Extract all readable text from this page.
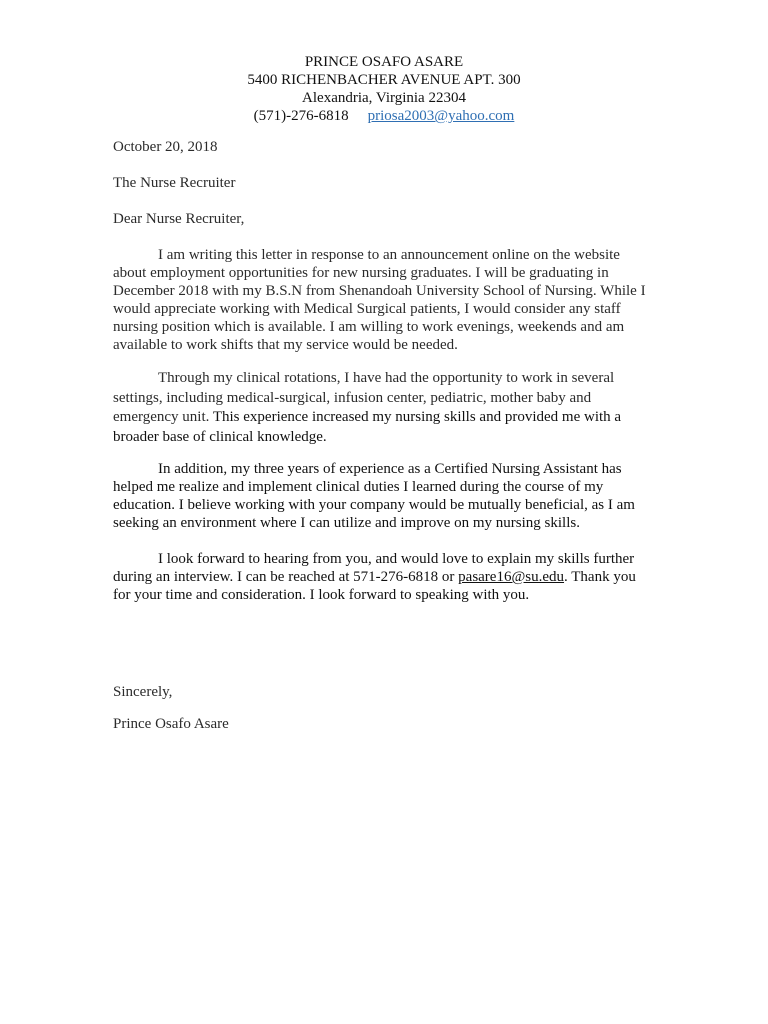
PRINCE OSAFO ASARE
5400 RICHENBACHER AVENUE APT. 300
Alexandria, Virginia 22304
(571)-276-6818 priosa2003@yahoo.com
October 20, 2018
The Nurse Recruiter
Dear Nurse Recruiter,
I am writing this letter in response to an announcement online on the website about employment opportunities for new nursing graduates. I will be graduating in December 2018 with my B.S.N from Shenandoah University School of Nursing. While I would appreciate working with Medical Surgical patients, I would consider any staff nursing position which is available. I am willing to work evenings, weekends and am available to work shifts that my service would be needed.
Through my clinical rotations, I have had the opportunity to work in several settings, including medical-surgical, infusion center, pediatric, mother baby and emergency unit. This experience increased my nursing skills and provided me with a broader base of clinical knowledge.
In addition, my three years of experience as a Certified Nursing Assistant has helped me realize and implement clinical duties I learned during the course of my education. I believe working with your company would be mutually beneficial, as I am seeking an environment where I can utilize and improve on my nursing skills.
I look forward to hearing from you, and would love to explain my skills further during an interview. I can be reached at 571-276-6818 or pasare16@su.edu. Thank you for your time and consideration. I look forward to speaking with you.
Sincerely,
Prince Osafo Asare
